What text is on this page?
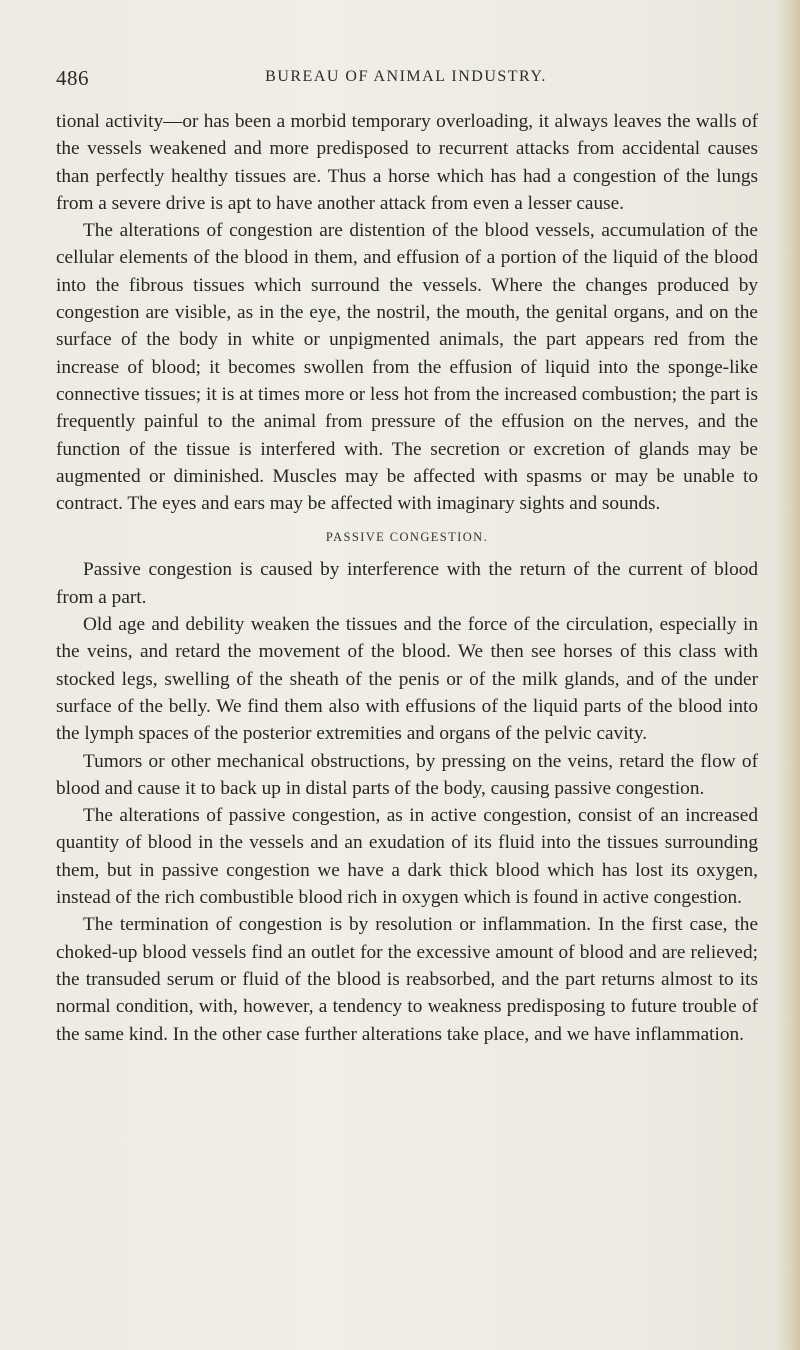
486	BUREAU OF ANIMAL INDUSTRY.

tional activity—or has been a morbid temporary overloading, it always leaves the walls of the vessels weakened and more predisposed to recurrent attacks from accidental causes than perfectly healthy tissues are. Thus a horse which has had a congestion of the lungs from a severe drive is apt to have another attack from even a lesser cause.

The alterations of congestion are distention of the blood vessels, accumulation of the cellular elements of the blood in them, and effusion of a portion of the liquid of the blood into the fibrous tissues which surround the vessels. Where the changes produced by congestion are visible, as in the eye, the nostril, the mouth, the genital organs, and on the surface of the body in white or unpigmented animals, the part appears red from the increase of blood; it becomes swollen from the effusion of liquid into the sponge-like connective tissues; it is at times more or less hot from the increased combustion; the part is frequently painful to the animal from pressure of the effusion on the nerves, and the function of the tissue is interfered with. The secretion or excretion of glands may be augmented or diminished. Muscles may be affected with spasms or may be unable to contract. The eyes and ears may be affected with imaginary sights and sounds.

PASSIVE CONGESTION.

Passive congestion is caused by interference with the return of the current of blood from a part.

Old age and debility weaken the tissues and the force of the circulation, especially in the veins, and retard the movement of the blood. We then see horses of this class with stocked legs, swelling of the sheath of the penis or of the milk glands, and of the under surface of the belly. We find them also with effusions of the liquid parts of the blood into the lymph spaces of the posterior extremities and organs of the pelvic cavity.

Tumors or other mechanical obstructions, by pressing on the veins, retard the flow of blood and cause it to back up in distal parts of the body, causing passive congestion.

The alterations of passive congestion, as in active congestion, consist of an increased quantity of blood in the vessels and an exudation of its fluid into the tissues surrounding them, but in passive congestion we have a dark thick blood which has lost its oxygen, instead of the rich combustible blood rich in oxygen which is found in active congestion.

The termination of congestion is by resolution or inflammation. In the first case, the choked-up blood vessels find an outlet for the excessive amount of blood and are relieved; the transuded serum or fluid of the blood is reabsorbed, and the part returns almost to its normal condition, with, however, a tendency to weakness predisposing to future trouble of the same kind. In the other case further alterations take place, and we have inflammation.
